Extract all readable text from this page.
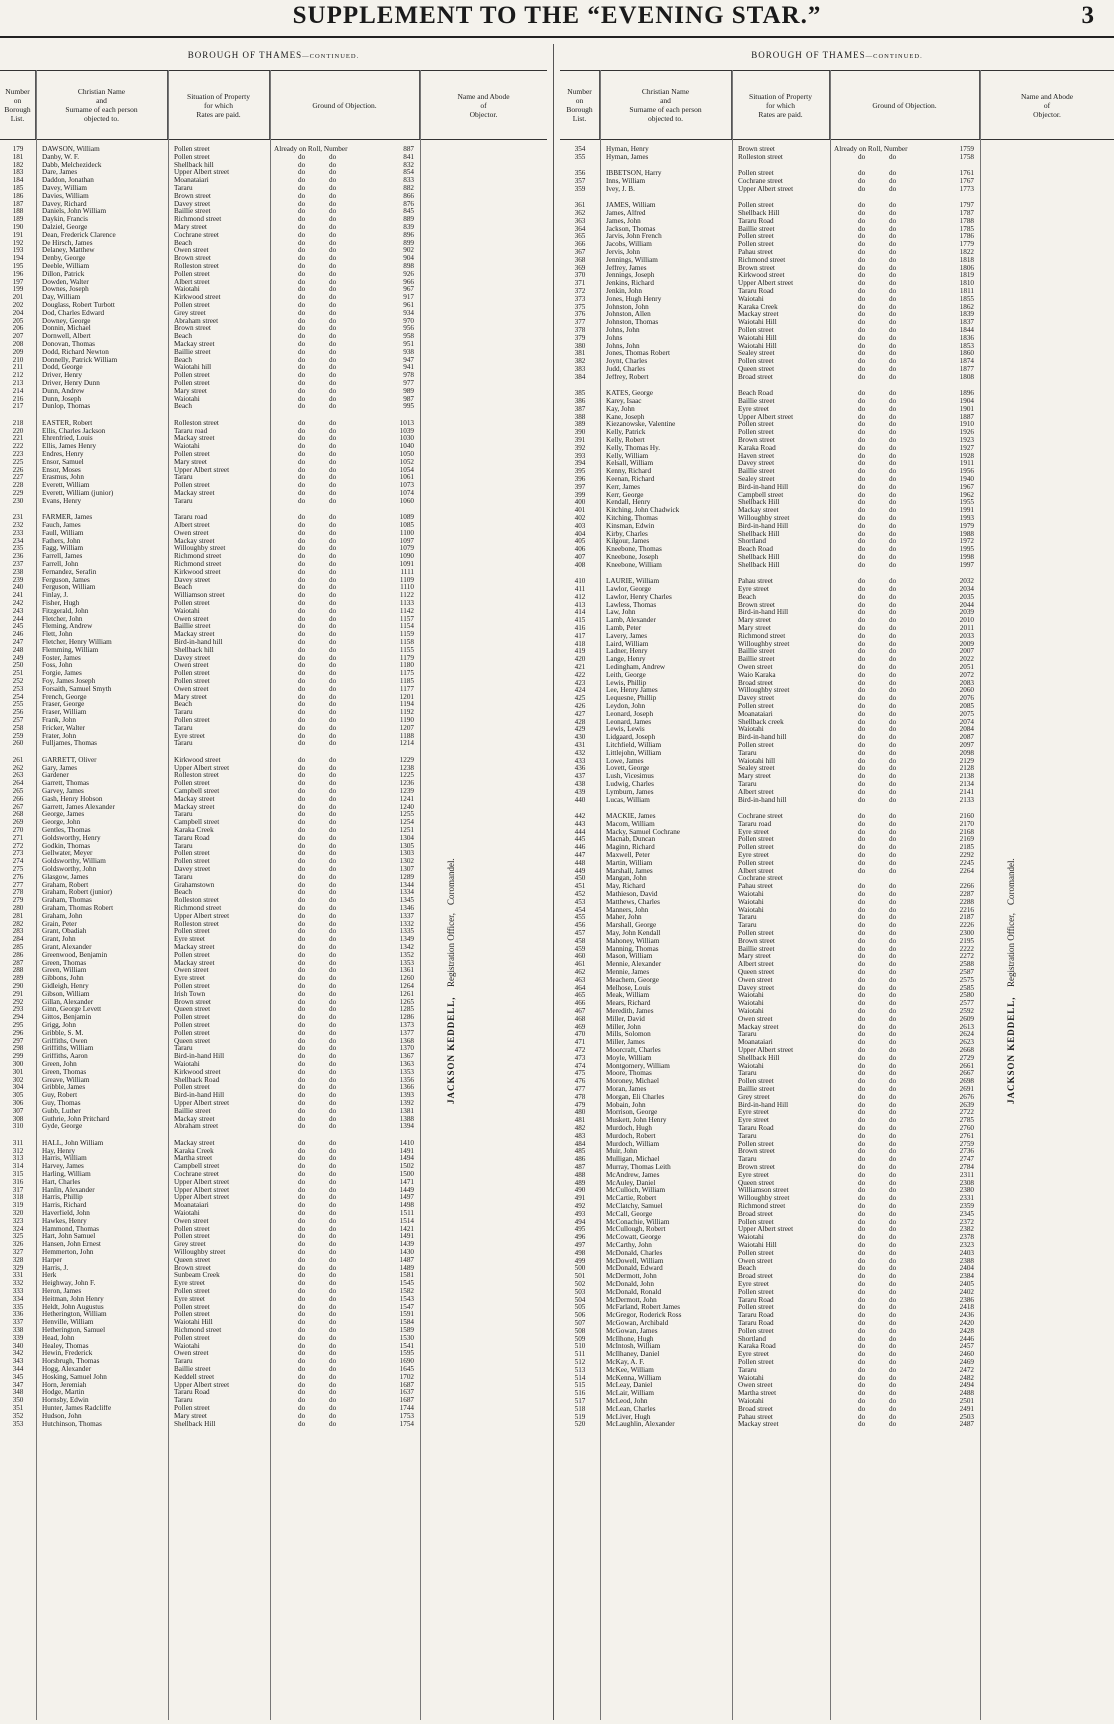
SUPPLEMENT TO THE “EVENING STAR.”	3
BOROUGH OF THAMES—CONTINUED.
Number
on
Borough
List.
Christian Name
and
Surname of each person
objected to.
Situation of Property
for which
Rates are paid.
Ground of Objection.
Name and Abode
of
Objector.
179	DAWSON, William	Pollen street	Already on Roll, Number	887
181	Danby, W. F.	Pollen street	do do	841
182	Dabb, Melchezideck	Shellback hill	do do	832
183	Dare, James	Upper Albert street	do do	854
184	Daddon, Jonathan	Moanataiari	do do	833
185	Davey, William	Tararu	do do	882
186	Davies, William	Brown street	do do	866
187	Davey, Richard	Davey street	do do	876
188	Daniels, John William	Baillie street	do do	845
189	Daykin, Francis	Richmond street	do do	889
190	Dalziel, George	Mary street	do do	839
191	Dean, Frederick Clarence	Cochrane street	do do	896
192	De Hirsch, James	Beach	do do	899
193	Delaney, Matthew	Owen street	do do	902
194	Denby, George	Brown street	do do	904
195	Deeble, William	Rolleston street	do do	898
196	Dillon, Patrick	Pollen street	do do	926
197	Dowden, Walter	Albert street	do do	966
199	Downes, Joseph	Waiotahi	do do	967
201	Day, William	Kirkwood street	do do	917
202	Douglass, Robert Turbott	Pollen street	do do	961
204	Dod, Charles Edward	Grey street	do do	934
205	Downey, George	Abraham street	do do	970
206	Donnin, Michael	Brown street	do do	956
207	Dornwell, Albert	Beach	do do	958
208	Donovan, Thomas	Mackay street	do do	951
209	Dodd, Richard Newton	Baillie street	do do	938
210	Donnelly, Patrick William	Beach	do do	947
211	Dodd, George	Waiotahi hill	do do	941
212	Driver, Henry	Pollen street	do do	978
213	Driver, Henry Dunn	Pollen street	do do	977
214	Dunn, Andrew	Mary street	do do	989
216	Dunn, Joseph	Waiotahi	do do	987
217	Dunlop, Thomas	Beach	do do	995
218	EASTER, Robert	Rolleston street	do do	1013
220	Ellis, Charles Jackson	Tararu road	do do	1039
221	Ehrenfried, Louis	Mackay street	do do	1030
222	Ellis, James Henry	Waiotahi	do do	1040
223	Endres, Henry	Pollen street	do do	1050
225	Ensor, Samuel	Mary street	do do	1052
226	Ensor, Moses	Upper Albert street	do do	1054
227	Erasmus, John	Tararu	do do	1061
228	Everett, William	Pollen street	do do	1073
229	Everett, William (junior)	Mackay street	do do	1074
230	Evans, Henry	Tararu	do do	1060
231	FARMER, James	Tararu road	do do	1089
232	Fauch, James	Albert street	do do	1085
233	Faull, William	Owen street	do do	1100
234	Fathers, John	Mackay street	do do	1097
235	Fagg, William	Willoughby street	do do	1079
236	Farrell, James	Richmond street	do do	1090
237	Farrell, John	Richmond street	do do	1091
238	Fernandez, Serafin	Kirkwood street	do do	1111
239	Ferguson, James	Davey street	do do	1109
240	Ferguson, William	Beach	do do	1110
241	Finlay, J.	Williamson street	do do	1122
242	Fisher, Hugh	Pollen street	do do	1133
243	Fitzgerald, John	Waiotahi	do do	1142
244	Fletcher, John	Owen street	do do	1157
245	Fleming, Andrew	Baillie street	do do	1154
246	Flett, John	Mackay street	do do	1159
247	Fletcher, Henry William	Bird-in-hand hill	do do	1158
248	Flemming, William	Shellback hill	do do	1155
249	Foster, James	Davey street	do do	1179
250	Foss, John	Owen street	do do	1180
251	Forgie, James	Pollen street	do do	1175
252	Foy, James Joseph	Pollen street	do do	1185
253	Forsaith, Samuel Smyth	Owen street	do do	1177
254	French, George	Mary street	do do	1201
255	Fraser, George	Beach	do do	1194
256	Fraser, William	Tararu	do do	1192
257	Frank, John	Pollen street	do do	1190
258	Fricker, Walter	Tararu	do do	1207
259	Frater, John	Eyre street	do do	1188
260	Fulljames, Thomas	Tararu	do do	1214
261	GARRETT, Oliver	Kirkwood street	do do	1229
262	Gary, James	Upper Albert street	do do	1238
263	Gardener	Rolleston street	do do	1225
264	Garrett, Thomas	Pollen street	do do	1236
265	Garvey, James	Campbell street	do do	1239
266	Gash, Henry Hobson	Mackay street	do do	1241
267	Garrett, James Alexander	Mackay street	do do	1240
268	George, James	Tararu	do do	1255
269	George, John	Campbell street	do do	1254
270	Gentles, Thomas	Karaka Creek	do do	1251
271	Goldsworthy, Henry	Tararu Road	do do	1304
272	Godkin, Thomas	Tararu	do do	1305
273	Gellwater, Meyer	Pollen street	do do	1303
274	Goldsworthy, William	Pollen street	do do	1302
275	Goldsworthy, John	Davey street	do do	1307
276	Glasgow, James	Tararu	do do	1289
277	Graham, Robert	Grahamstown	do do	1344
278	Graham, Robert (junior)	Beach	do do	1334
279	Graham, Thomas	Rolleston street	do do	1345
280	Graham, Thomas Robert	Richmond street	do do	1346
281	Graham, John	Upper Albert street	do do	1337
282	Grain, Peter	Rolleston street	do do	1332
283	Grant, Obadiah	Pollen street	do do	1335
284	Grant, John	Eyre street	do do	1349
285	Grant, Alexander	Mackay street	do do	1342
286	Greenwood, Benjamin	Pollen street	do do	1352
287	Green, Thomas	Mackay street	do do	1353
288	Green, William	Owen street	do do	1361
289	Gibbons, John	Eyre street	do do	1260
290	Gidleigh, Henry	Pollen street	do do	1264
291	Gibson, William	Irish Town	do do	1261
292	Gillan, Alexander	Brown street	do do	1265
293	Ginn, George Levett	Queen street	do do	1285
294	Gittos, Benjamin	Pollen street	do do	1286
295	Grigg, John	Pollen street	do do	1373
296	Gribble, S. M.	Pollen street	do do	1377
297	Griffiths, Owen	Queen street	do do	1368
298	Griffiths, William	Tararu	do do	1370
299	Griffiths, Aaron	Bird-in-hand Hill	do do	1367
300	Green, John	Waiotahi	do do	1363
301	Green, Thomas	Kirkwood street	do do	1353
302	Greave, William	Shellback Road	do do	1356
304	Gribble, James	Pollen street	do do	1366
305	Guy, Robert	Bird-in-hand Hill	do do	1393
306	Guy, Thomas	Upper Albert street	do do	1392
307	Gubb, Luther	Baillie street	do do	1381
308	Guthrie, John Pritchard	Mackay street	do do	1388
310	Gyde, George	Abraham street	do do	1394
311	HALL, John William	Mackay street	do do	1410
312	Hay, Henry	Karaka Creek	do do	1491
313	Harris, William	Martha street	do do	1494
314	Harvey, James	Campbell street	do do	1502
315	Harling, William	Cochrane street	do do	1500
316	Hart, Charles	Upper Albert street	do do	1471
317	Hanlin, Alexander	Upper Albert street	do do	1449
318	Harris, Phillip	Upper Albert street	do do	1497
319	Harris, Richard	Moanataiari	do do	1498
320	Haverfield, John	Waiotahi	do do	1511
323	Hawkes, Henry	Owen street	do do	1514
324	Hammond, Thomas	Pollen street	do do	1421
325	Hart, John Samuel	Pollen street	do do	1491
326	Hansen, John Ernest	Grey street	do do	1439
327	Hemmerton, John	Willoughby street	do do	1430
328	Harper	Queen street	do do	1487
329	Harris, J.	Brown street	do do	1489
331	Herk	Sunbeam Creek	do do	1581
332	Heighway, John F.	Eyre street	do do	1545
333	Heron, James	Pollen street	do do	1582
334	Heitman, John Henry	Eyre street	do do	1543
335	Heldt, John Augustus	Pollen street	do do	1547
336	Hetherington, William	Pollen street	do do	1591
337	Henville, William	Waiotahi Hill	do do	1584
338	Hetherington, Samuel	Richmond street	do do	1589
339	Head, John	Pollen street	do do	1530
340	Healey, Thomas	Waiotahi	do do	1541
342	Hewin, Frederick	Owen street	do do	1595
343	Horsbrugh, Thomas	Tararu	do do	1690
344	Hogg, Alexander	Baillie street	do do	1645
345	Hosking, Samuel John	Keddell street	do do	1702
347	Horn, Jeremiah	Upper Albert street	do do	1687
348	Hodge, Martin	Tararu Road	do do	1637
350	Hornsby, Edwin	Tararu	do do	1687
351	Hunter, James Radcliffe	Pollen street	do do	1744
352	Hudson, John	Mary street	do do	1753
353	Hutchinson, Thomas	Shellback Hill	do do	1754
JACKSON KEDDELL, Registration Officer, Coromandel.
BOROUGH OF THAMES—CONTINUED.
Number
on
Borough
List.
Christian Name
and
Surname of each person
objected to.
Situation of Property
for which
Rates are paid.
Ground of Objection.
Name and Abode
of
Objector.
354	Hyman, Henry	Brown street	Already on Roll, Number	1759
355	Hyman, James	Rolleston street	do do	1758
356	IBBETSON, Harry	Pollen street	do do	1761
357	Inns, William	Cochrane street	do do	1767
359	Ivey, J. B.	Upper Albert street	do do	1773
361	JAMES, William	Pollen street	do do	1797
362	James, Alfred	Shellback Hill	do do	1787
363	James, John	Tararu Road	do do	1788
364	Jackson, Thomas	Baillie street	do do	1785
365	Jarvis, John French	Pollen street	do do	1786
366	Jacobs, William	Pollen street	do do	1779
367	Jervis, John	Pahau street	do do	1822
368	Jennings, William	Richmond street	do do	1818
369	Jeffrey, James	Brown street	do do	1806
370	Jennings, Joseph	Kirkwood street	do do	1819
371	Jenkins, Richard	Upper Albert street	do do	1810
372	Jenkin, John	Tararu Road	do do	1811
373	Jones, Hugh Henry	Waiotahi	do do	1855
375	Johnston, John	Karaka Creek	do do	1862
376	Johnston, Allen	Mackay street	do do	1839
377	Johnston, Thomas	Waiotahi Hill	do do	1837
378	Johns, John	Pollen street	do do	1844
379	Johns	Waiotahi Hill	do do	1836
380	Johns, John	Waiotahi Hill	do do	1853
381	Jones, Thomas Robert	Sealey street	do do	1860
382	Joynt, Charles	Pollen street	do do	1874
383	Judd, Charles	Queen street	do do	1877
384	Jeffrey, Robert	Broad street	do do	1808
385	KATES, George	Beach Road	do do	1896
386	Karey, Isaac	Baillie street	do do	1904
387	Kay, John	Eyre street	do do	1901
388	Kane, Joseph	Upper Albert street	do do	1887
389	Kiezanowske, Valentine	Pollen street	do do	1910
390	Kelly, Patrick	Pollen street	do do	1926
391	Kelly, Robert	Brown street	do do	1923
392	Kelly, Thomas Hy.	Karaka Road	do do	1927
393	Kelly, William	Haven street	do do	1928
394	Kelsall, William	Davey street	do do	1911
395	Kenny, Richard	Baillie street	do do	1956
396	Keenan, Richard	Sealey street	do do	1940
397	Kerr, James	Bird-in-hand Hill	do do	1967
399	Kerr, George	Campbell street	do do	1962
400	Kendall, Henry	Shellback Hill	do do	1955
401	Kitching, John Chadwick	Mackay street	do do	1991
402	Kitching, Thomas	Willoughby street	do do	1993
403	Kinsman, Edwin	Bird-in-hand Hill	do do	1979
404	Kirby, Charles	Shellback Hill	do do	1988
405	Kilgour, James	Shortland	do do	1972
406	Kneebone, Thomas	Beach Road	do do	1995
407	Kneebone, Joseph	Shellback Hill	do do	1998
408	Kneebone, William	Shellback Hill	do do	1997
410	LAURIE, William	Pahau street	do do	2032
411	Lawlor, George	Eyre street	do do	2034
412	Lawlor, Henry Charles	Beach	do do	2035
413	Lawless, Thomas	Brown street	do do	2044
414	Law, John	Bird-in-hand Hill	do do	2039
415	Lamb, Alexander	Mary street	do do	2010
416	Lamb, Peter	Mary street	do do	2011
417	Lavery, James	Richmond street	do do	2033
418	Laird, William	Willoughby street	do do	2009
419	Ladner, Henry	Baillie street	do do	2007
420	Lange, Henry	Baillie street	do do	2022
421	Ledingham, Andrew	Owen street	do do	2051
422	Leith, George	Waio Karaka	do do	2072
423	Lewis, Phillip	Broad street	do do	2083
424	Lee, Henry James	Willoughby street	do do	2060
425	Lequesne, Phillip	Davey street	do do	2076
426	Leydon, John	Pollen street	do do	2085
427	Leonard, Joseph	Moanataiari	do do	2075
428	Leonard, James	Shellback creek	do do	2074
429	Lewis, Lewis	Waiotahi	do do	2084
430	Lidgaard, Joseph	Bird-in-hand hill	do do	2087
431	Litchfield, William	Pollen street	do do	2097
432	Littlejohn, William	Tararu	do do	2098
433	Lowe, James	Waiotahi hill	do do	2129
436	Lovett, George	Sealey street	do do	2128
437	Lush, Vicesimus	Mary street	do do	2138
438	Ludwig, Charles	Tararu	do do	2134
439	Lymburn, James	Albert street	do do	2141
440	Lucas, William	Bird-in-hand hill	do do	2133
442	MACKIE, James	Cochrane street	do do	2160
443	Macom, William	Tararu road	do do	2170
444	Macky, Samuel Cochrane	Eyre street	do do	2168
445	Macnab, Duncan	Pollen street	do do	2169
446	Maginn, Richard	Pollen street	do do	2185
447	Maxwell, Peter	Eyre street	do do	2292
448	Martin, William	Pollen street	do do	2245
449	Marshall, James	Albert street	do do	2264
450	Mangan, John	Cochrane street
451	May, Richard	Pahau street	do do	2266
452	Mathieson, David	Waiotahi	do do	2287
453	Matthews, Charles	Waiotahi	do do	2288
454	Manners, John	Waiotahi	do do	2216
455	Maher, John	Tararu	do do	2187
456	Marshall, George	Tararu	do do	2226
457	May, John Kendall	Pollen street	do do	2300
458	Mahoney, William	Brown street	do do	2195
459	Manning, Thomas	Baillie street	do do	2222
460	Mason, William	Mary street	do do	2272
461	Mennie, Alexander	Albert street	do do	2588
462	Mennie, James	Queen street	do do	2587
463	Meachem, George	Owen street	do do	2575
464	Melhose, Louis	Davey street	do do	2585
465	Meak, William	Waiotahi	do do	2580
466	Mears, Richard	Waiotahi	do do	2577
467	Meredith, James	Waiotahi	do do	2592
468	Miller, David	Owen street	do do	2609
469	Miller, John	Mackay street	do do	2613
470	Mills, Solomon	Tararu	do do	2624
471	Miller, James	Moanataiari	do do	2623
472	Moorcraft, Charles	Upper Albert street	do do	2668
473	Moyle, William	Shellback Hill	do do	2729
474	Montgomery, William	Waiotahi	do do	2661
475	Moore, Thomas	Tararu	do do	2667
476	Moroney, Michael	Pollen street	do do	2698
477	Moran, James	Baillie street	do do	2691
478	Morgan, Eli Charles	Grey street	do do	2676
479	Mobain, John	Bird-in-hand Hill	do do	2639
480	Morrison, George	Eyre street	do do	2722
481	Muskett, John Henry	Eyre street	do do	2785
482	Murdoch, Hugh	Tararu Road	do do	2760
483	Murdoch, Robert	Tararu	do do	2761
484	Murdoch, William	Pollen street	do do	2759
485	Muir, John	Brown street	do do	2736
486	Mulligan, Michael	Tararu	do do	2747
487	Murray, Thomas Leith	Brown street	do do	2784
488	McAndrew, James	Eyre street	do do	2311
489	McAuley, Daniel	Queen street	do do	2308
490	McCulloch, William	Williamson street	do do	2380
491	McCartie, Robert	Willoughby street	do do	2331
492	McClatchy, Samuel	Richmond street	do do	2359
493	McCall, George	Broad street	do do	2345
494	McConachie, William	Pollen street	do do	2372
495	McCullough, Robert	Upper Albert street	do do	2382
496	McCowatt, George	Waiotahi	do do	2378
497	McCarthy, John	Waiotahi Hill	do do	2323
498	McDonald, Charles	Pollen street	do do	2403
499	McDowell, William	Owen street	do do	2388
500	McDonald, Edward	Beach	do do	2404
501	McDermott, John	Broad street	do do	2384
502	McDonald, John	Eyre street	do do	2405
503	McDonald, Ronald	Pollen street	do do	2402
504	McDermott, John	Tararu Road	do do	2386
505	McFarland, Robert James	Pollen street	do do	2418
506	McGregor, Roderick Ross	Tararu Road	do do	2436
507	McGowan, Archibald	Tararu Road	do do	2420
508	McGowan, James	Pollen street	do do	2428
509	McIlhone, Hugh	Shortland	do do	2446
510	McIntosh, William	Karaka Road	do do	2457
511	McIlhaney, Daniel	Eyre street	do do	2460
512	McKay, A. F.	Pollen street	do do	2469
513	McKee, William	Tararu	do do	2472
514	McKenna, William	Waiotahi	do do	2482
515	McLeay, Daniel	Owen street	do do	2494
516	McLair, William	Martha street	do do	2488
517	McLeod, John	Waiotahi	do do	2501
518	McLean, Charles	Broad street	do do	2491
519	McLiver, Hugh	Pahau street	do do	2503
520	McLaughlin, Alexander	Mackay street	do do	2487
JACKSON KEDDELL, Registration Officer, Coromandel.
